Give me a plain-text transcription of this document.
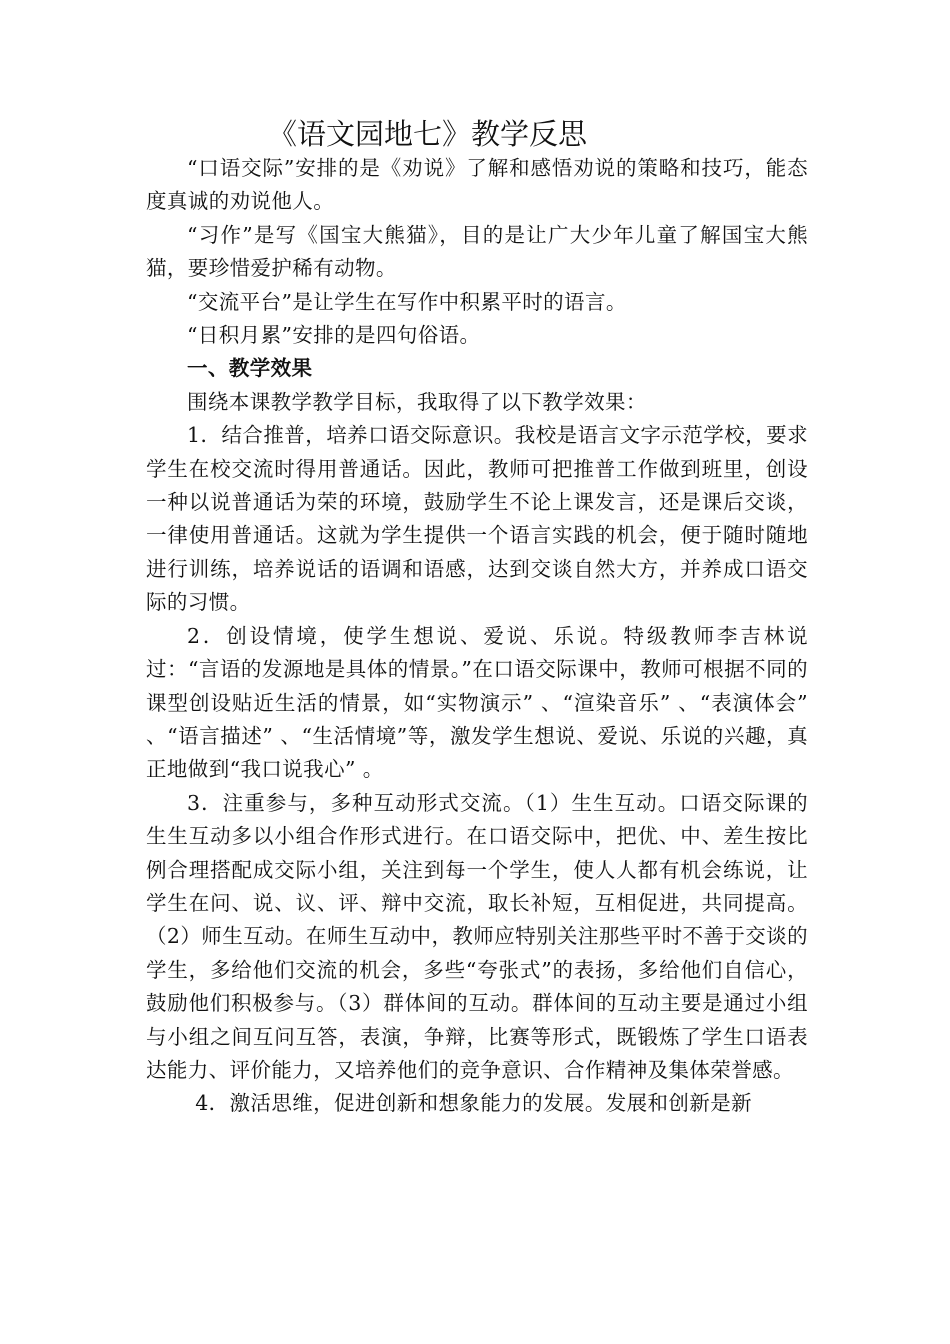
《语文园地七》教学反思

“口语交际”安排的是《劝说》了解和感悟劝说的策略和技巧，能态度真诚的劝说他人。

“习作”是写《国宝大熊猫》，目的是让广大少年儿童了解国宝大熊猫，要珍惜爱护稀有动物。

“交流平台”是让学生在写作中积累平时的语言。

“日积月累”安排的是四句俗语。

一、教学效果

围绕本课教学教学目标，我取得了以下教学效果：

1．结合推普，培养口语交际意识。我校是语言文字示范学校，要求学生在校交流时得用普通话。因此，教师可把推普工作做到班里，创设一种以说普通话为荣的环境，鼓励学生不论上课发言，还是课后交谈，一律使用普通话。这就为学生提供一个语言实践的机会，便于随时随地进行训练，培养说话的语调和语感，达到交谈自然大方，并养成口语交际的习惯。

2．创设情境，使学生想说、爱说、乐说。特级教师李吉林说过：“言语的发源地是具体的情景。”在口语交际课中，教师可根据不同的课型创设贴近生活的情景，如“实物演示” 、“渲染音乐” 、“表演体会” 、“语言描述” 、“生活情境”等，激发学生想说、爱说、乐说的兴趣，真正地做到“我口说我心” 。

3．注重参与，多种互动形式交流。（1）生生互动。口语交际课的生生互动多以小组合作形式进行。在口语交际中，把优、中、差生按比例合理搭配成交际小组，关注到每一个学生，使人人都有机会练说，让学生在问、说、议、评、辩中交流，取长补短，互相促进，共同提高。（2）师生互动。在师生互动中，教师应特别关注那些平时不善于交谈的学生，多给他们交流的机会，多些“夸张式”的表扬，多给他们自信心，鼓励他们积极参与。（3）群体间的互动。群体间的互动主要是通过小组与小组之间互问互答，表演，争辩，比赛等形式，既锻炼了学生口语表达能力、评价能力，又培养他们的竞争意识、合作精神及集体荣誉感。

4．激活思维，促进创新和想象能力的发展。发展和创新是新
